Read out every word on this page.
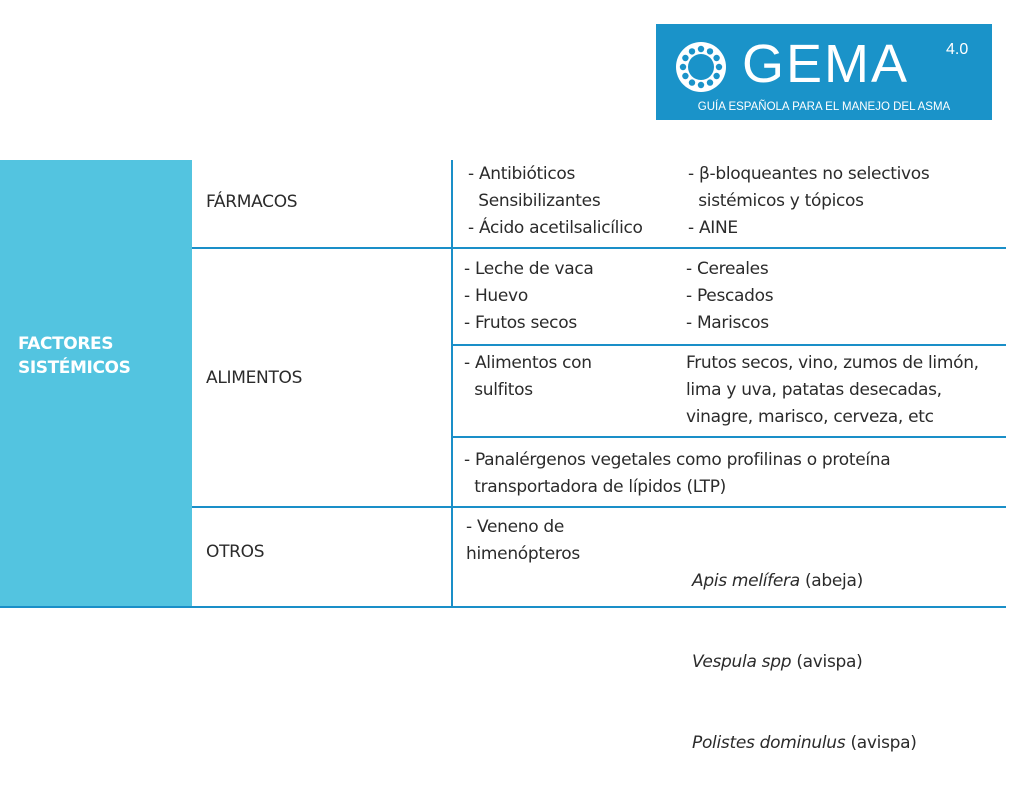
GEMA 4.0
GUÍA ESPAÑOLA PARA EL MANEJO DEL ASMA
FACTORES
SISTÉMICOS
FÁRMACOS
- Antibióticos
Sensibilizantes
- Ácido acetilsalicílico
- β-bloqueantes no selectivos
sistémicos y tópicos
- AINE
ALIMENTOS
- Leche de vaca
- Huevo
- Frutos secos
- Cereales
- Pescados
- Mariscos
- Alimentos con
sulfitos
Frutos secos, vino, zumos de limón,
lima y uva, patatas desecadas,
vinagre, marisco, cerveza, etc
- Panalérgenos vegetales como profilinas o proteína
transportadora de lípidos (LTP)
OTROS
- Veneno de
himenópteros

Apis melífera (abeja)

Vespula spp (avispa)

Polistes dominulus (avispa)
